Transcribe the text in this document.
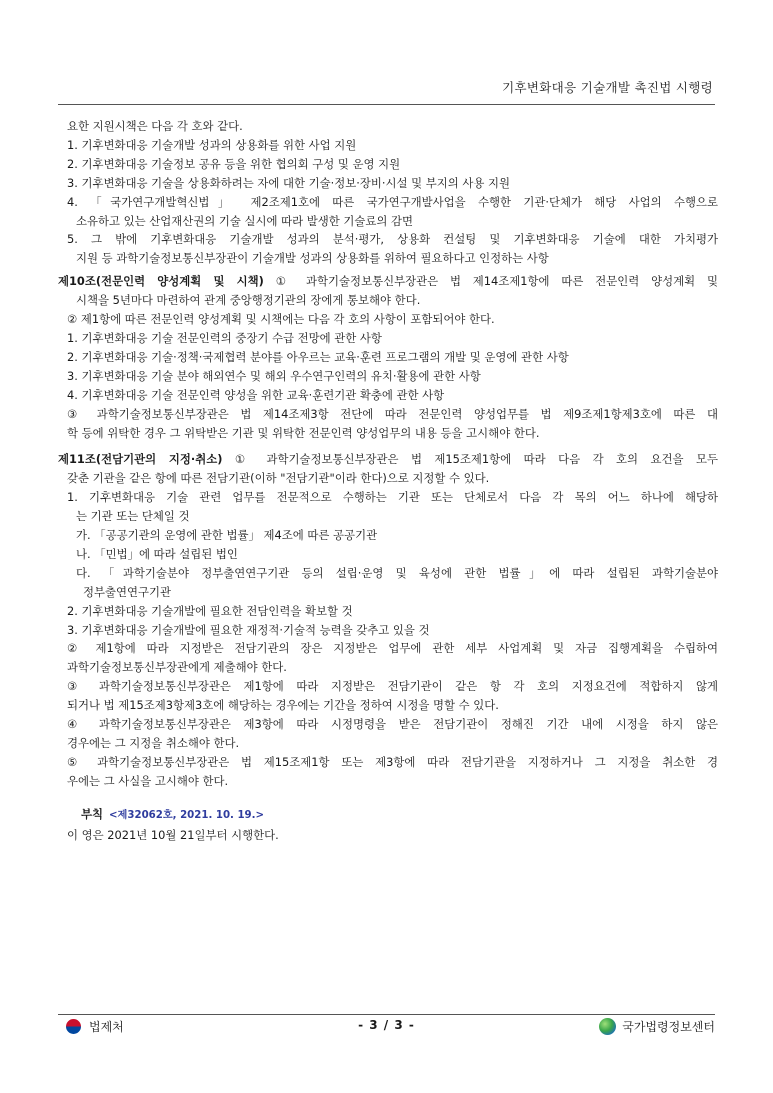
기후변화대응 기술개발 촉진법 시행령
요한 지원시책은 다음 각 호와 같다.
1. 기후변화대응 기술개발 성과의 상용화를 위한 사업 지원
2. 기후변화대응 기술정보 공유 등을 위한 협의회 구성 및 운영 지원
3. 기후변화대응 기술을 상용화하려는 자에 대한 기술·정보·장비·시설 및 부지의 사용 지원
4. 「국가연구개발혁신법」 제2조제1호에 따른 국가연구개발사업을 수행한 기관·단체가 해당 사업의 수행으로
소유하고 있는 산업재산권의 기술 실시에 따라 발생한 기술료의 감면
5. 그 밖에 기후변화대응 기술개발 성과의 분석·평가, 상용화 컨설팅 및 기후변화대응 기술에 대한 가치평가
지원 등 과학기술정보통신부장관이 기술개발 성과의 상용화를 위하여 필요하다고 인정하는 사항
제10조(전문인력 양성계획 및 시책) ① 과학기술정보통신부장관은 법 제14조제1항에 따른 전문인력 양성계획 및
시책을 5년마다 마련하여 관계 중앙행정기관의 장에게 통보해야 한다.
② 제1항에 따른 전문인력 양성계획 및 시책에는 다음 각 호의 사항이 포함되어야 한다.
1. 기후변화대응 기술 전문인력의 중장기 수급 전망에 관한 사항
2. 기후변화대응 기술·정책·국제협력 분야를 아우르는 교육·훈련 프로그램의 개발 및 운영에 관한 사항
3. 기후변화대응 기술 분야 해외연수 및 해외 우수연구인력의 유치·활용에 관한 사항
4. 기후변화대응 기술 전문인력 양성을 위한 교육·훈련기관 확충에 관한 사항
③ 과학기술정보통신부장관은 법 제14조제3항 전단에 따라 전문인력 양성업무를 법 제9조제1항제3호에 따른 대
학 등에 위탁한 경우 그 위탁받은 기관 및 위탁한 전문인력 양성업무의 내용 등을 고시해야 한다.
제11조(전담기관의 지정·취소) ① 과학기술정보통신부장관은 법 제15조제1항에 따라 다음 각 호의 요건을 모두
갖춘 기관을 같은 항에 따른 전담기관(이하 "전담기관"이라 한다)으로 지정할 수 있다.
1. 기후변화대응 기술 관련 업무를 전문적으로 수행하는 기관 또는 단체로서 다음 각 목의 어느 하나에 해당하
는 기관 또는 단체일 것
가. 「공공기관의 운영에 관한 법률」 제4조에 따른 공공기관
나. 「민법」에 따라 설립된 법인
다. 「과학기술분야 정부출연연구기관 등의 설립·운영 및 육성에 관한 법률」에 따라 설립된 과학기술분야
정부출연연구기관
2. 기후변화대응 기술개발에 필요한 전담인력을 확보할 것
3. 기후변화대응 기술개발에 필요한 재정적·기술적 능력을 갖추고 있을 것
② 제1항에 따라 지정받은 전담기관의 장은 지정받은 업무에 관한 세부 사업계획 및 자금 집행계획을 수립하여
과학기술정보통신부장관에게 제출해야 한다.
③ 과학기술정보통신부장관은 제1항에 따라 지정받은 전담기관이 같은 항 각 호의 지정요건에 적합하지 않게
되거나 법 제15조제3항제3호에 해당하는 경우에는 기간을 정하여 시정을 명할 수 있다.
④ 과학기술정보통신부장관은 제3항에 따라 시정명령을 받은 전담기관이 정해진 기간 내에 시정을 하지 않은
경우에는 그 지정을 취소해야 한다.
⑤ 과학기술정보통신부장관은 법 제15조제1항 또는 제3항에 따라 전담기관을 지정하거나 그 지정을 취소한 경
우에는 그 사실을 고시해야 한다.
부칙 <제32062호, 2021. 10. 19.>
이 영은 2021년 10월 21일부터 시행한다.
법제처	- 3 / 3 -	국가법령정보센터
